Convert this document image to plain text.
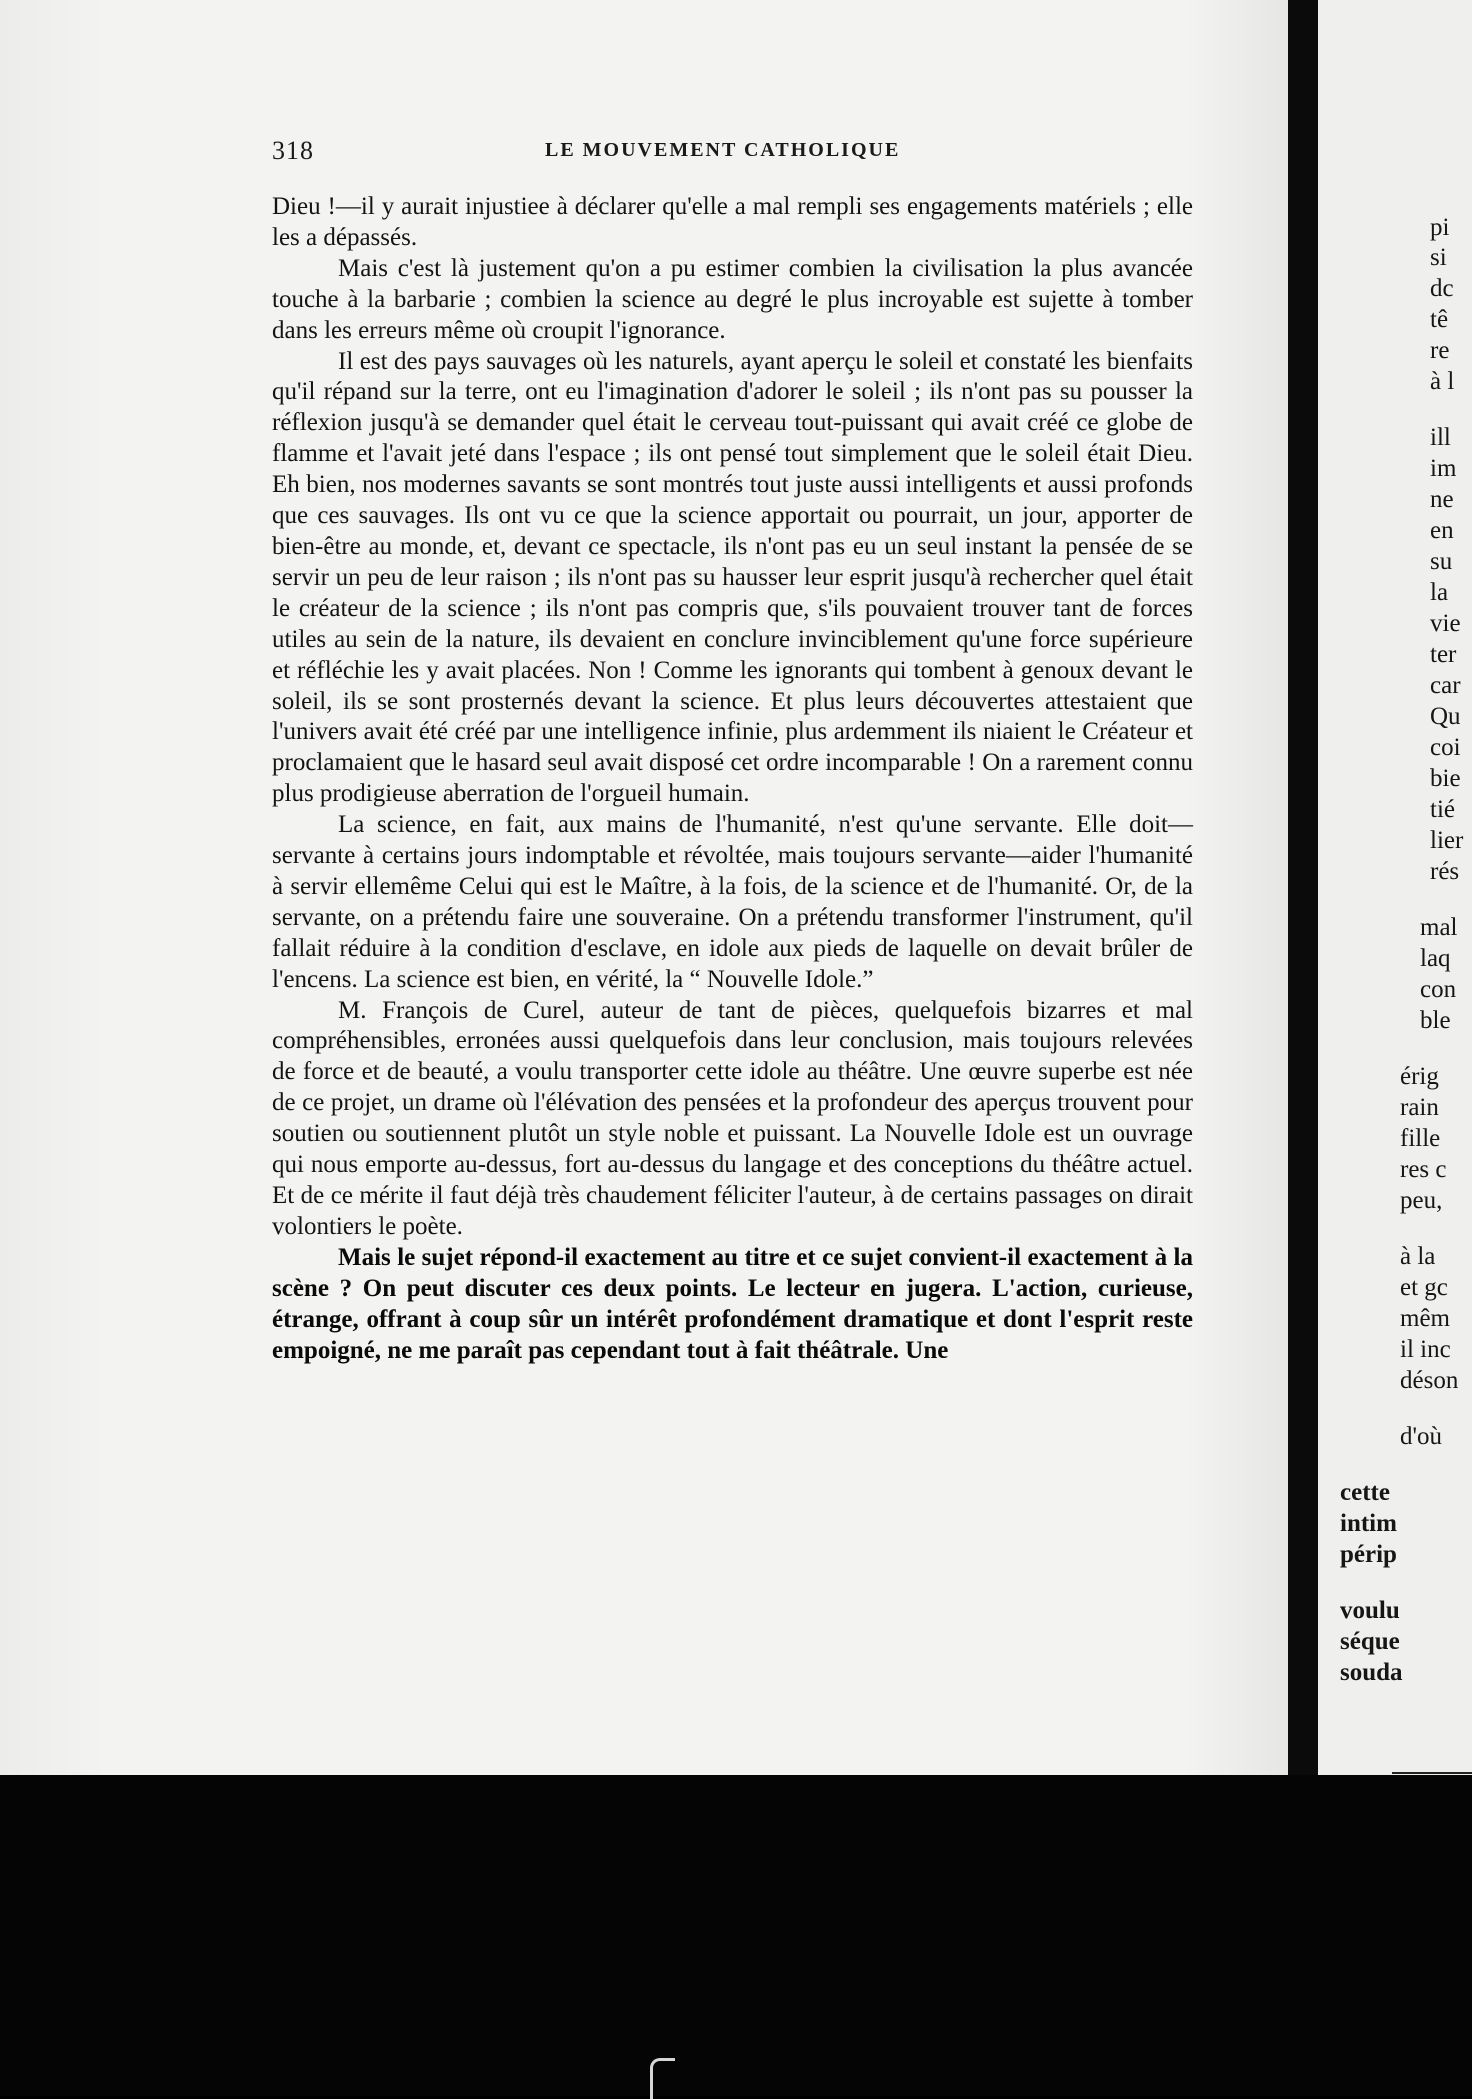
318	LE MOUVEMENT CATHOLIQUE

Dieu !—il y aurait injustiee à déclarer qu'elle a mal rempli ses engagements matériels ; elle les a dépassés.

Mais c'est là justement qu'on a pu estimer combien la civilisation la plus avancée touche à la barbarie ; combien la science au degré le plus incroyable est sujette à tomber dans les erreurs même où croupit l'ignorance.

Il est des pays sauvages où les naturels, ayant aperçu le soleil et constaté les bienfaits qu'il répand sur la terre, ont eu l'imagination d'adorer le soleil ; ils n'ont pas su pousser la réflexion jusqu'à se demander quel était le cerveau tout-puissant qui avait créé ce globe de flamme et l'avait jeté dans l'espace ; ils ont pensé tout simplement que le soleil était Dieu. Eh bien, nos modernes savants se sont montrés tout juste aussi intelligents et aussi profonds que ces sauvages. Ils ont vu ce que la science apportait ou pourrait, un jour, apporter de bien-être au monde, et, devant ce spectacle, ils n'ont pas eu un seul instant la pensée de se servir un peu de leur raison ; ils n'ont pas su hausser leur esprit jusqu'à rechercher quel était le créateur de la science ; ils n'ont pas compris que, s'ils pouvaient trouver tant de forces utiles au sein de la nature, ils devaient en conclure invinciblement qu'une force supérieure et réfléchie les y avait placées. Non ! Comme les ignorants qui tombent à genoux devant le soleil, ils se sont prosternés devant la science. Et plus leurs découvertes attestaient que l'univers avait été créé par une intelligence infinie, plus ardemment ils niaient le Créateur et proclamaient que le hasard seul avait disposé cet ordre incomparable ! On a rarement connu plus prodigieuse aberration de l'orgueil humain.

La science, en fait, aux mains de l'humanité, n'est qu'une servante. Elle doit—servante à certains jours indomptable et révoltée, mais toujours servante—aider l'humanité à servir ellemême Celui qui est le Maître, à la fois, de la science et de l'humanité. Or, de la servante, on a prétendu faire une souveraine. On a prétendu transformer l'instrument, qu'il fallait réduire à la condition d'esclave, en idole aux pieds de laquelle on devait brûler de l'encens. La science est bien, en vérité, la “ Nouvelle Idole.”

M. François de Curel, auteur de tant de pièces, quelquefois bizarres et mal compréhensibles, erronées aussi quelquefois dans leur conclusion, mais toujours relevées de force et de beauté, a voulu transporter cette idole au théâtre. Une œuvre superbe est née de ce projet, un drame où l'élévation des pensées et la profondeur des aperçus trouvent pour soutien ou soutiennent plutôt un style noble et puissant. La Nouvelle Idole est un ouvrage qui nous emporte au-dessus, fort au-dessus du langage et des conceptions du théâtre actuel. Et de ce mérite il faut déjà très chaudement féliciter l'auteur, à de certains passages on dirait volontiers le poète.

Mais le sujet répond-il exactement au titre et ce sujet convient-il exactement à la scène ? On peut discuter ces deux points. Le lecteur en jugera. L'action, curieuse, étrange, offrant à coup sûr un intérêt profondément dramatique et dont l'esprit reste empoigné, ne me paraît pas cependant tout à fait théâtrale. Une

pi
si
dc
tê
re
à l
ill
im
ne
en
su
la
vie
ter
car
Qu
coi
bie
tié
lier
rés
mal
laq
con
ble
érig
rain
fille
res c
peu,
à la
et gc
mêm
il inc
déson
d'où
cette
intim
périp
voulu
séque
souda
